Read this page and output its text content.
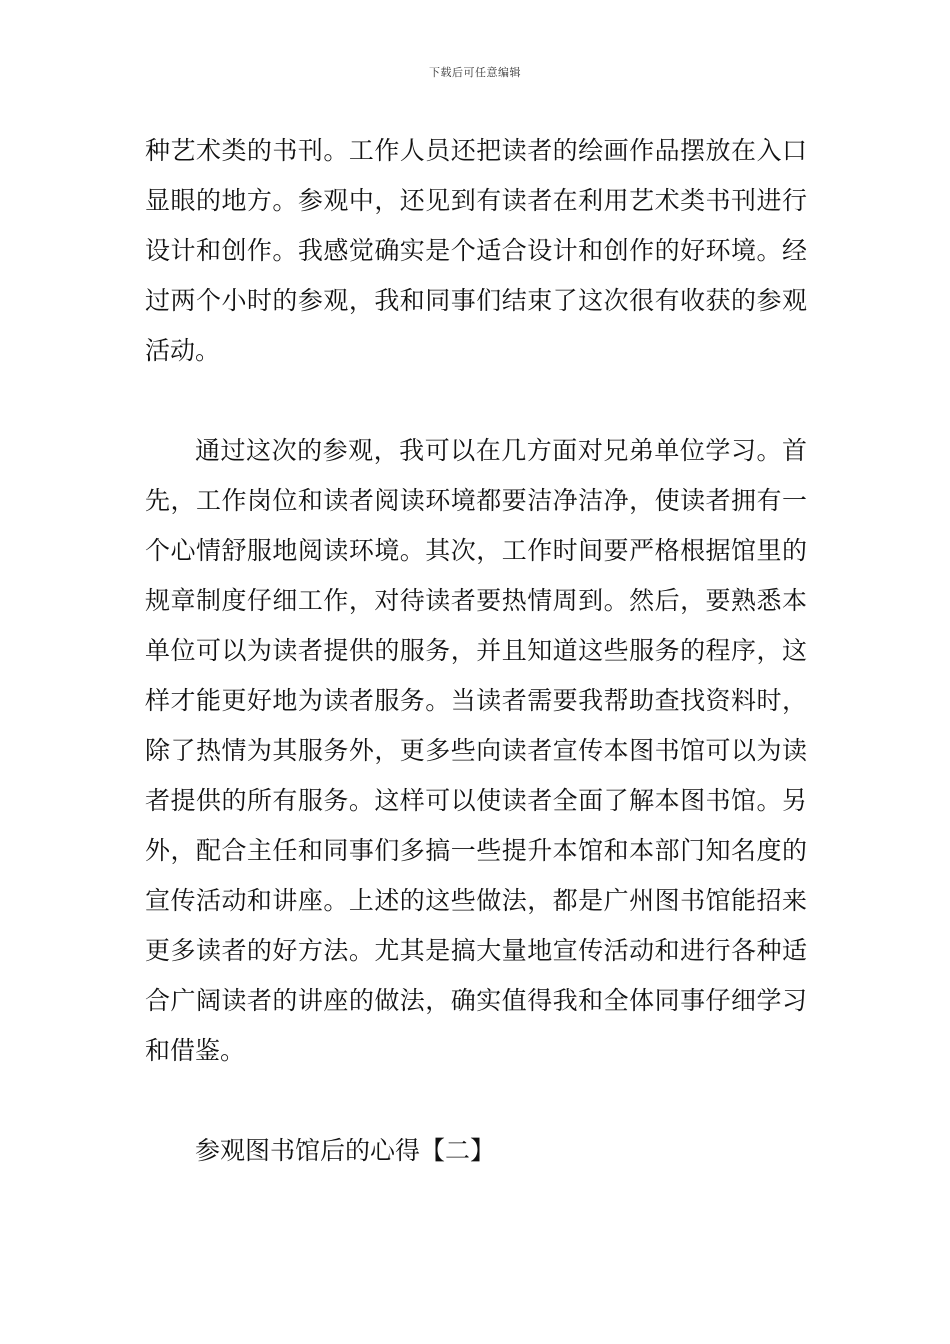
下载后可任意编辑

种艺术类的书刊。工作人员还把读者的绘画作品摆放在入口显眼的地方。参观中，还见到有读者在利用艺术类书刊进行设计和创作。我感觉确实是个适合设计和创作的好环境。经过两个小时的参观，我和同事们结束了这次很有收获的参观活动。

通过这次的参观，我可以在几方面对兄弟单位学习。首先，工作岗位和读者阅读环境都要洁净洁净，使读者拥有一个心情舒服地阅读环境。其次，工作时间要严格根据馆里的规章制度仔细工作，对待读者要热情周到。然后，要熟悉本单位可以为读者提供的服务，并且知道这些服务的程序，这样才能更好地为读者服务。当读者需要我帮助查找资料时，除了热情为其服务外，更多些向读者宣传本图书馆可以为读者提供的所有服务。这样可以使读者全面了解本图书馆。另外，配合主任和同事们多搞一些提升本馆和本部门知名度的宣传活动和讲座。上述的这些做法，都是广州图书馆能招来更多读者的好方法。尤其是搞大量地宣传活动和进行各种适合广阔读者的讲座的做法，确实值得我和全体同事仔细学习和借鉴。

参观图书馆后的心得【二】
